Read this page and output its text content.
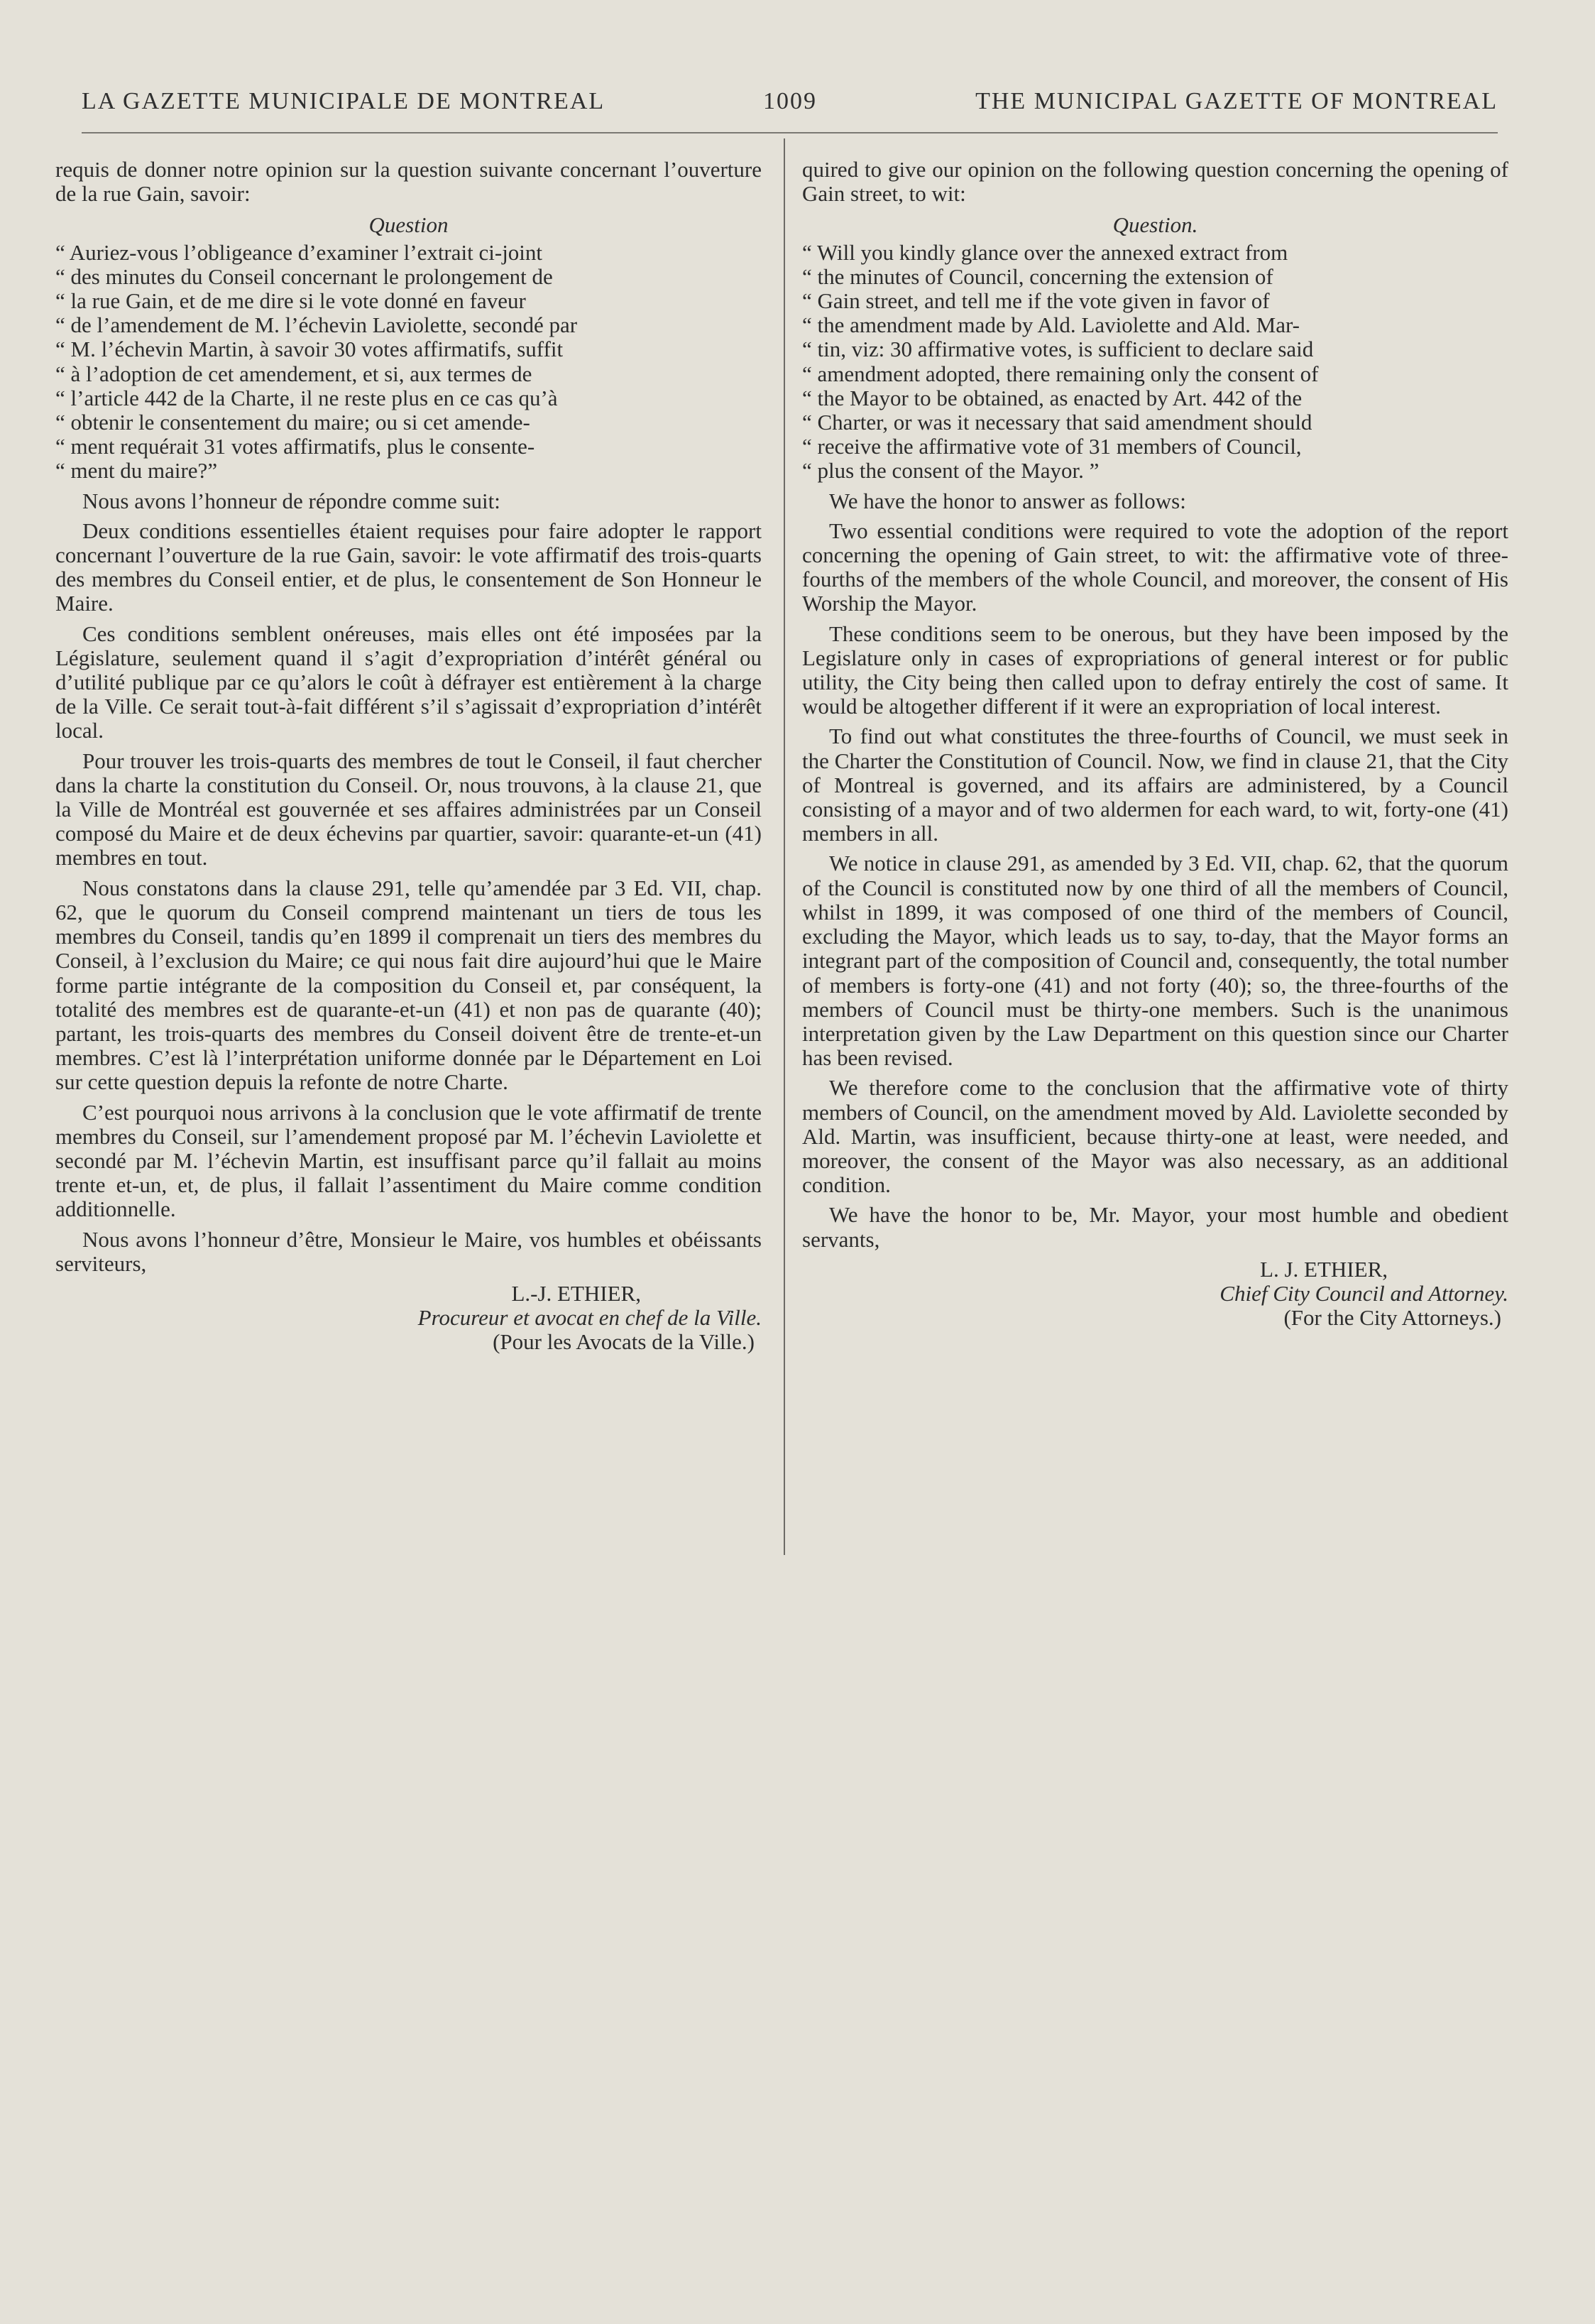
LA GAZETTE MUNICIPALE DE MONTREAL	1009	THE MUNICIPAL GAZETTE OF MONTREAL

requis de donner notre opinion sur la question suivante concernant l’ouverture de la rue Gain, savoir:

Question

“ Auriez-vous l’obligeance d’examiner l’extrait ci-joint
“ des minutes du Conseil concernant le prolongement de
“ la rue Gain, et de me dire si le vote donné en faveur
“ de l’amendement de M. l’échevin Laviolette, secondé par
“ M. l’échevin Martin, à savoir 30 votes affirmatifs, suffit
“ à l’adoption de cet amendement, et si, aux termes de
“ l’article 442 de la Charte, il ne reste plus en ce cas qu’à
“ obtenir le consentement du maire; ou si cet amende-
“ ment requérait 31 votes affirmatifs, plus le consente-
“ ment du maire?”

Nous avons l’honneur de répondre comme suit:

Deux conditions essentielles étaient requises pour faire adopter le rapport concernant l’ouverture de la rue Gain, savoir: le vote affirmatif des trois-quarts des membres du Conseil entier, et de plus, le consentement de Son Honneur le Maire.

Ces conditions semblent onéreuses, mais elles ont été imposées par la Législature, seulement quand il s’agit d’expropriation d’intérêt général ou d’utilité publique par ce qu’alors le coût à défrayer est entièrement à la charge de la Ville. Ce serait tout-à-fait différent s’il s’agissait d’expropriation d’intérêt local.

Pour trouver les trois-quarts des membres de tout le Conseil, il faut chercher dans la charte la constitution du Conseil. Or, nous trouvons, à la clause 21, que la Ville de Montréal est gouvernée et ses affaires administrées par un Conseil composé du Maire et de deux échevins par quartier, savoir: quarante-et-un (41) membres en tout.

Nous constatons dans la clause 291, telle qu’amendée par 3 Ed. VII, chap. 62, que le quorum du Conseil comprend maintenant un tiers de tous les membres du Conseil, tandis qu’en 1899 il comprenait un tiers des membres du Conseil, à l’exclusion du Maire; ce qui nous fait dire aujourd’hui que le Maire forme partie intégrante de la composition du Conseil et, par conséquent, la totalité des membres est de quarante-et-un (41) et non pas de quarante (40); partant, les trois-quarts des membres du Conseil doivent être de trente-et-un membres. C’est là l’interprétation uniforme donnée par le Département en Loi sur cette question depuis la refonte de notre Charte.

C’est pourquoi nous arrivons à la conclusion que le vote affirmatif de trente membres du Conseil, sur l’amendement proposé par M. l’échevin Laviolette et secondé par M. l’échevin Martin, est insuffisant parce qu’il fallait au moins trente et-un, et, de plus, il fallait l’assentiment du Maire comme condition additionnelle.

Nous avons l’honneur d’être, Monsieur le Maire, vos humbles et obéissants serviteurs,

L.-J. ETHIER,

Procureur et avocat en chef de la Ville.

(Pour les Avocats de la Ville.)

quired to give our opinion on the following question concerning the opening of Gain street, to wit:

Question.

“ Will you kindly glance over the annexed extract from
“ the minutes of Council, concerning the extension of
“ Gain street, and tell me if the vote given in favor of
“ the amendment made by Ald. Laviolette and Ald. Mar-
“ tin, viz: 30 affirmative votes, is sufficient to declare said
“ amendment adopted, there remaining only the consent of
“ the Mayor to be obtained, as enacted by Art. 442 of the
“ Charter, or was it necessary that said amendment should
“ receive the affirmative vote of 31 members of Council,
“ plus the consent of the Mayor. ”

We have the honor to answer as follows:

Two essential conditions were required to vote the adoption of the report concerning the opening of Gain street, to wit: the affirmative vote of three-fourths of the members of the whole Council, and moreover, the consent of His Worship the Mayor.

These conditions seem to be onerous, but they have been imposed by the Legislature only in cases of expropriations of general interest or for public utility, the City being then called upon to defray entirely the cost of same. It would be altogether different if it were an expropriation of local interest.

To find out what constitutes the three-fourths of Council, we must seek in the Charter the Constitution of Council. Now, we find in clause 21, that the City of Montreal is governed, and its affairs are administered, by a Council consisting of a mayor and of two aldermen for each ward, to wit, forty-one (41) members in all.

We notice in clause 291, as amended by 3 Ed. VII, chap. 62, that the quorum of the Council is constituted now by one third of all the members of Council, whilst in 1899, it was composed of one third of the members of Council, excluding the Mayor, which leads us to say, to-day, that the Mayor forms an integrant part of the composition of Council and, consequently, the total number of members is forty-one (41) and not forty (40); so, the three-fourths of the members of Council must be thirty-one members. Such is the unanimous interpretation given by the Law Department on this question since our Charter has been revised.

We therefore come to the conclusion that the affirmative vote of thirty members of Council, on the amendment moved by Ald. Laviolette seconded by Ald. Martin, was insufficient, because thirty-one at least, were needed, and moreover, the consent of the Mayor was also necessary, as an additional condition.

We have the honor to be, Mr. Mayor, your most humble and obedient servants,

L. J. ETHIER,

Chief City Council and Attorney.

(For the City Attorneys.)
